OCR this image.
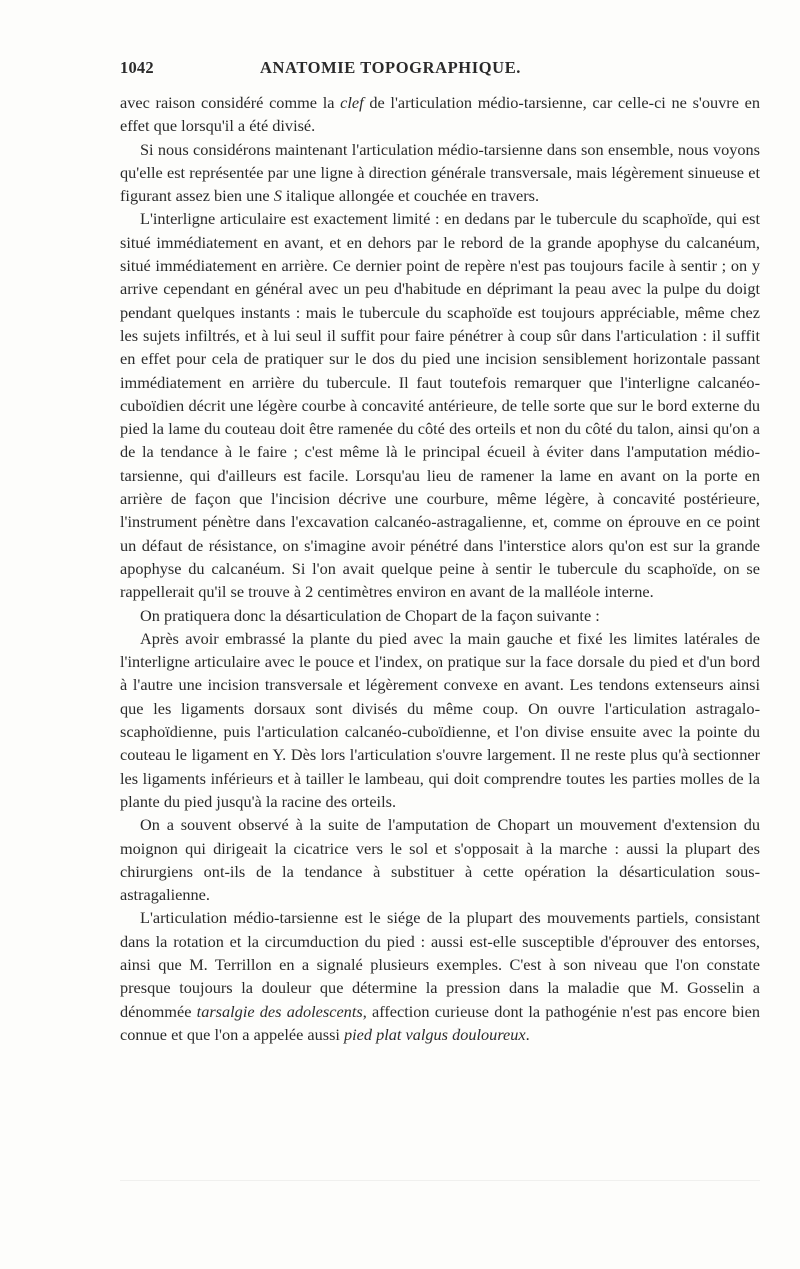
1042	ANATOMIE TOPOGRAPHIQUE.

avec raison considéré comme la clef de l'articulation médio-tarsienne, car celle-ci ne s'ouvre en effet que lorsqu'il a été divisé.

Si nous considérons maintenant l'articulation médio-tarsienne dans son ensemble, nous voyons qu'elle est représentée par une ligne à direction générale transversale, mais légèrement sinueuse et figurant assez bien une S italique allongée et couchée en travers.

L'interligne articulaire est exactement limité : en dedans par le tubercule du scaphoïde, qui est situé immédiatement en avant, et en dehors par le rebord de la grande apophyse du calcanéum, situé immédiatement en arrière. Ce dernier point de repère n'est pas toujours facile à sentir ; on y arrive cependant en général avec un peu d'habitude en déprimant la peau avec la pulpe du doigt pendant quelques instants : mais le tubercule du scaphoïde est toujours appréciable, même chez les sujets infiltrés, et à lui seul il suffit pour faire pénétrer à coup sûr dans l'articulation : il suffit en effet pour cela de pratiquer sur le dos du pied une incision sensiblement horizontale passant immédiatement en arrière du tubercule. Il faut toutefois remarquer que l'interligne calcanéo-cuboïdien décrit une légère courbe à concavité antérieure, de telle sorte que sur le bord externe du pied la lame du couteau doit être ramenée du côté des orteils et non du côté du talon, ainsi qu'on a de la tendance à le faire ; c'est même là le principal écueil à éviter dans l'amputation médio-tarsienne, qui d'ailleurs est facile. Lorsqu'au lieu de ramener la lame en avant on la porte en arrière de façon que l'incision décrive une courbure, même légère, à concavité postérieure, l'instrument pénètre dans l'excavation calcanéo-astragalienne, et, comme on éprouve en ce point un défaut de résistance, on s'imagine avoir pénétré dans l'interstice alors qu'on est sur la grande apophyse du calcanéum. Si l'on avait quelque peine à sentir le tubercule du scaphoïde, on se rappellerait qu'il se trouve à 2 centimètres environ en avant de la malléole interne.

On pratiquera donc la désarticulation de Chopart de la façon suivante :

Après avoir embrassé la plante du pied avec la main gauche et fixé les limites latérales de l'interligne articulaire avec le pouce et l'index, on pratique sur la face dorsale du pied et d'un bord à l'autre une incision transversale et légèrement convexe en avant. Les tendons extenseurs ainsi que les ligaments dorsaux sont divisés du même coup. On ouvre l'articulation astragalo-scaphoïdienne, puis l'articulation calcanéo-cuboïdienne, et l'on divise ensuite avec la pointe du couteau le ligament en Y. Dès lors l'articulation s'ouvre largement. Il ne reste plus qu'à sectionner les ligaments inférieurs et à tailler le lambeau, qui doit comprendre toutes les parties molles de la plante du pied jusqu'à la racine des orteils.

On a souvent observé à la suite de l'amputation de Chopart un mouvement d'extension du moignon qui dirigeait la cicatrice vers le sol et s'opposait à la marche : aussi la plupart des chirurgiens ont-ils de la tendance à substituer à cette opération la désarticulation sous-astragalienne.

L'articulation médio-tarsienne est le siége de la plupart des mouvements partiels, consistant dans la rotation et la circumduction du pied : aussi est-elle susceptible d'éprouver des entorses, ainsi que M. Terrillon en a signalé plusieurs exemples. C'est à son niveau que l'on constate presque toujours la douleur que détermine la pression dans la maladie que M. Gosselin a dénommée tarsalgie des adolescents, affection curieuse dont la pathogénie n'est pas encore bien connue et que l'on a appelée aussi pied plat valgus douloureux.
